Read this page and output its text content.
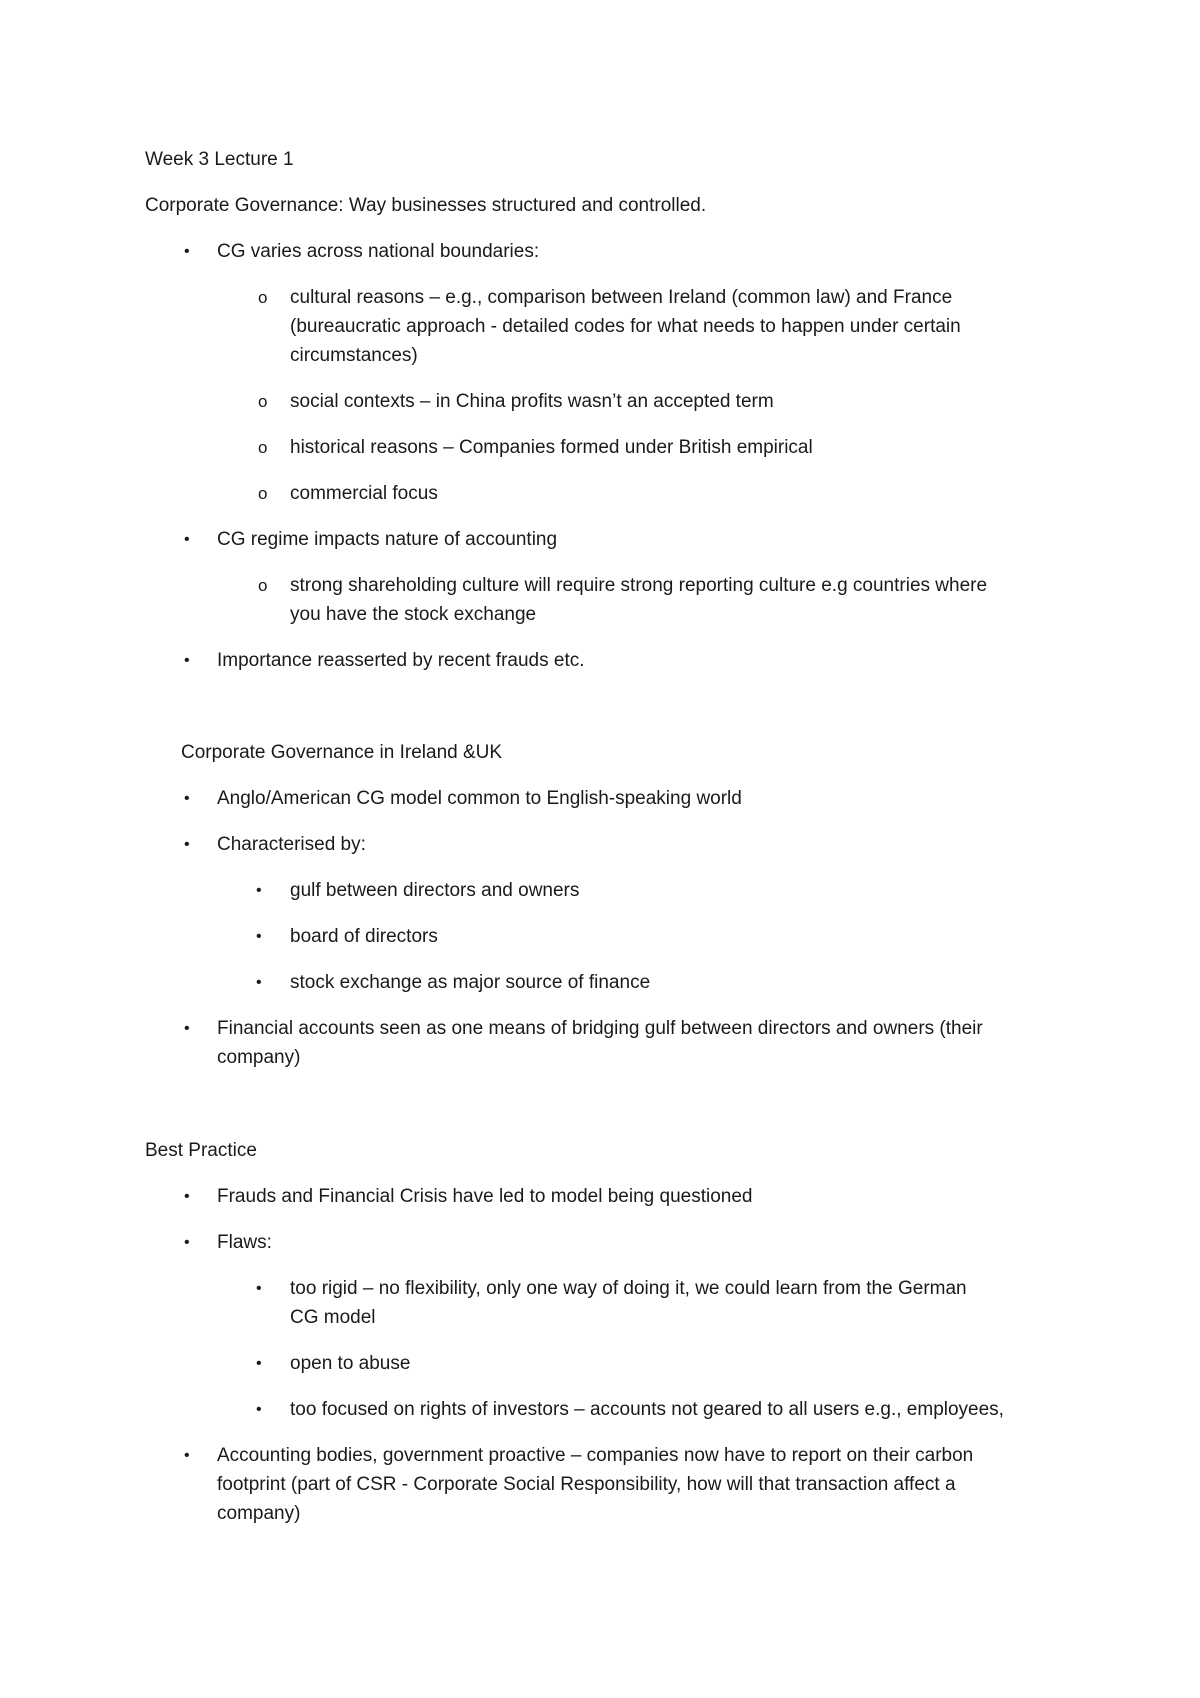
Week 3 Lecture 1
Corporate Governance: Way businesses structured and controlled.
• CG varies across national boundaries:
o cultural reasons – e.g., comparison between Ireland (common law) and France
(bureaucratic approach - detailed codes for what needs to happen under certain
circumstances)
o social contexts – in China profits wasn’t an accepted term
o historical reasons – Companies formed under British empirical
o commercial focus
• CG regime impacts nature of accounting
o strong shareholding culture will require strong reporting culture e.g countries where
you have the stock exchange
• Importance reasserted by recent frauds etc.
Corporate Governance in Ireland &UK
• Anglo/American CG model common to English-speaking world
• Characterised by:
• gulf between directors and owners
• board of directors
• stock exchange as major source of finance
• Financial accounts seen as one means of bridging gulf between directors and owners (their
company)
Best Practice
• Frauds and Financial Crisis have led to model being questioned
• Flaws:
• too rigid – no flexibility, only one way of doing it, we could learn from the German
CG model
• open to abuse
• too focused on rights of investors – accounts not geared to all users e.g., employees,
• Accounting bodies, government proactive – companies now have to report on their carbon
footprint (part of CSR - Corporate Social Responsibility, how will that transaction affect a
company)
